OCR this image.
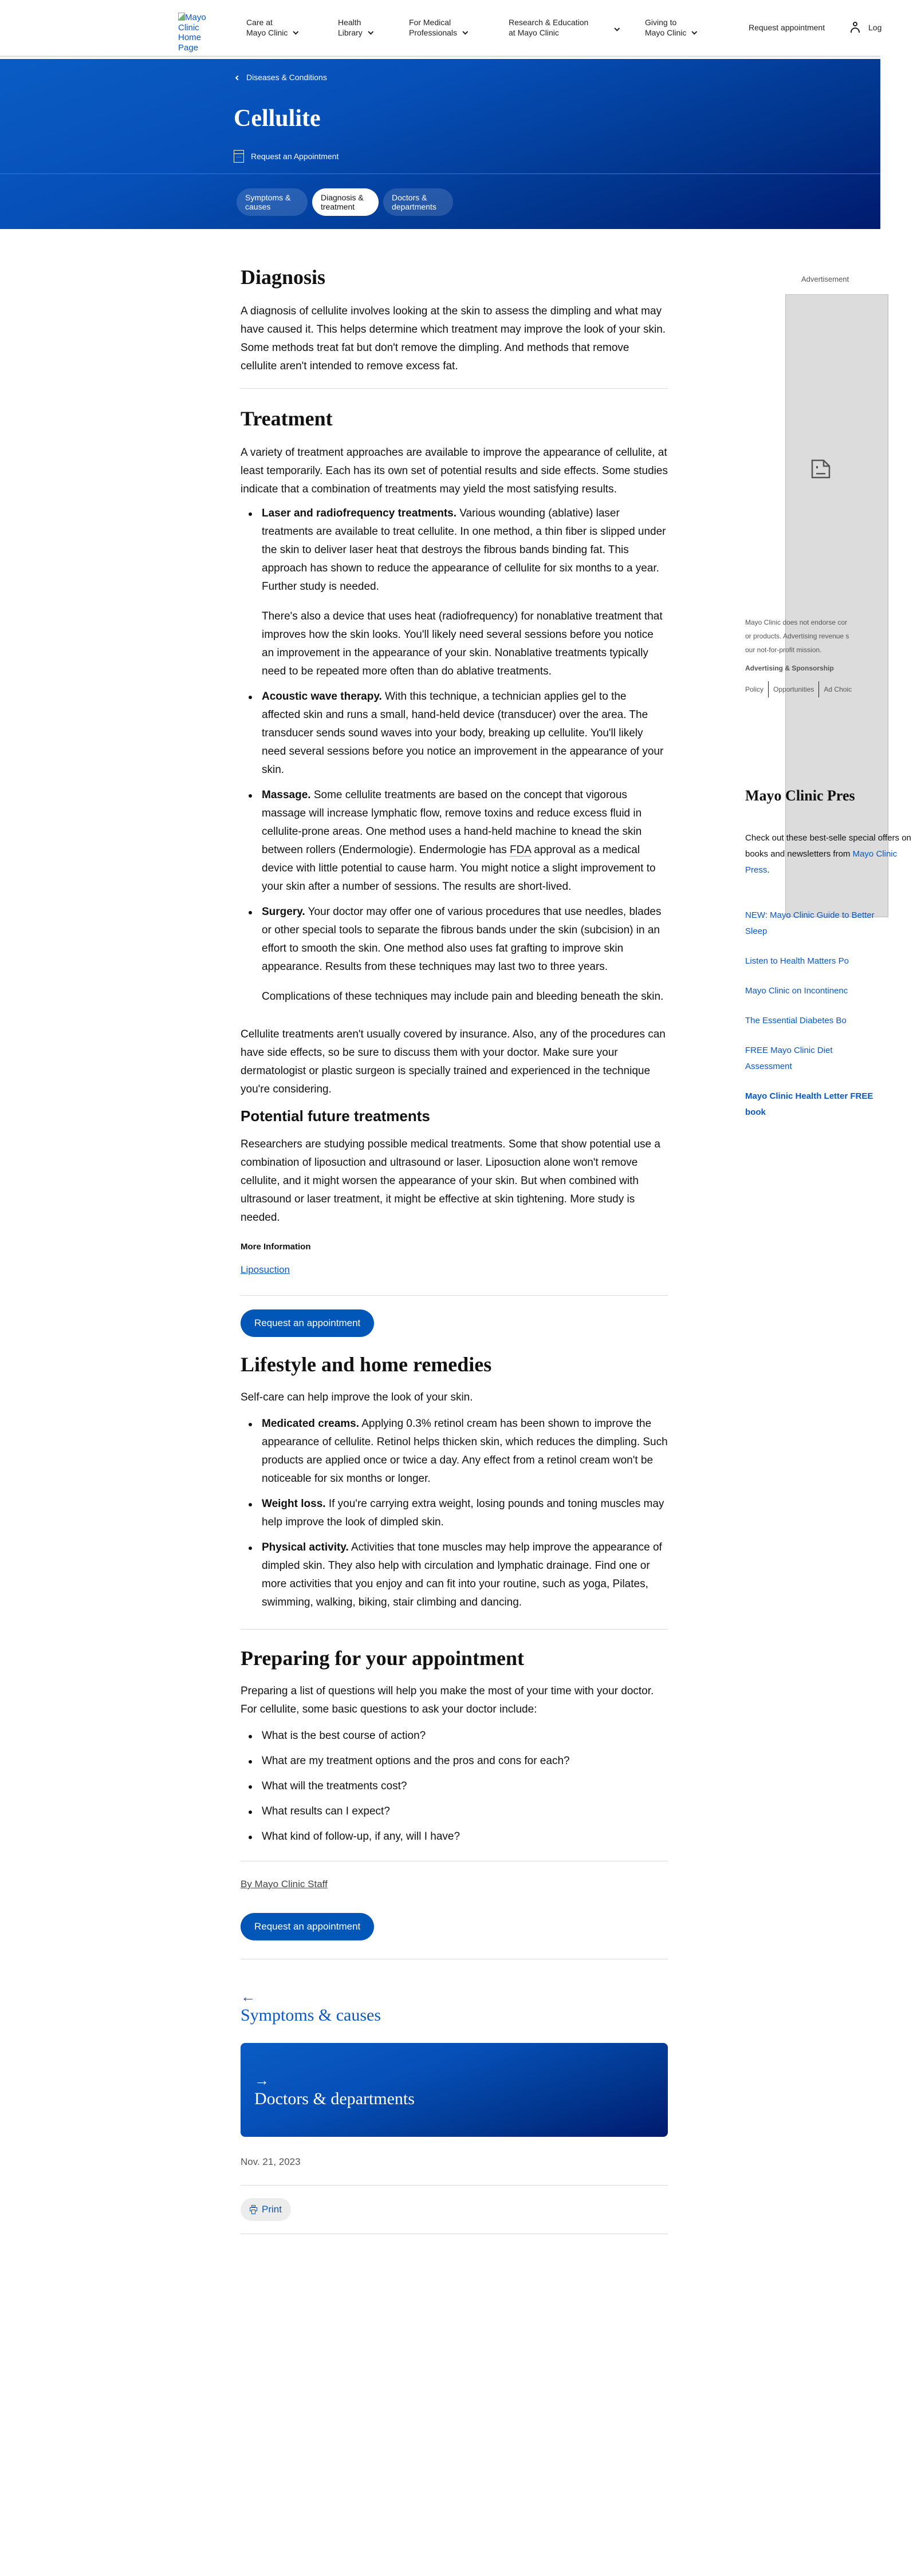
Mayo Clinic Home Page
Care at
Mayo Clinic
Health
Library
For Medical
Professionals
Research & Education
at Mayo Clinic
Giving to
Mayo Clinic
Request appointment	Log
Diseases & Conditions
Cellulite
···
Request an Appointment
Symptoms & causes
Diagnosis & treatment
Doctors & departments
Diagnosis

A diagnosis of cellulite involves looking at the skin to assess the dimpling and what may have caused it. This helps determine which treatment may improve the look of your skin. Some methods treat fat but don't remove the dimpling. And methods that remove cellulite aren't intended to remove excess fat.

Treatment

A variety of treatment approaches are available to improve the appearance of cellulite, at least temporarily. Each has its own set of potential results and side effects. Some studies indicate that a combination of treatments may yield the most satisfying results.

Laser and radiofrequency treatments. Various wounding (ablative) laser treatments are available to treat cellulite. In one method, a thin fiber is slipped under the skin to deliver laser heat that destroys the fibrous bands binding fat. This approach has shown to reduce the appearance of cellulite for six months to a year. Further study is needed.

There's also a device that uses heat (radiofrequency) for nonablative treatment that improves how the skin looks. You'll likely need several sessions before you notice an improvement in the appearance of your skin. Nonablative treatments typically need to be repeated more often than do ablative treatments.

Acoustic wave therapy. With this technique, a technician applies gel to the affected skin and runs a small, hand-held device (transducer) over the area. The transducer sends sound waves into your body, breaking up cellulite. You'll likely need several sessions before you notice an improvement in the appearance of your skin.

Massage. Some cellulite treatments are based on the concept that vigorous massage will increase lymphatic flow, remove toxins and reduce excess fluid in cellulite-prone areas. One method uses a hand-held machine to knead the skin between rollers (Endermologie). Endermologie has FDA approval as a medical device with little potential to cause harm. You might notice a slight improvement to your skin after a number of sessions. The results are short-lived.

Surgery. Your doctor may offer one of various procedures that use needles, blades or other special tools to separate the fibrous bands under the skin (subcision) in an effort to smooth the skin. One method also uses fat grafting to improve skin appearance. Results from these techniques may last two to three years.

Complications of these techniques may include pain and bleeding beneath the skin.

Cellulite treatments aren't usually covered by insurance. Also, any of the procedures can have side effects, so be sure to discuss them with your doctor. Make sure your dermatologist or plastic surgeon is specially trained and experienced in the technique you're considering.

Potential future treatments

Researchers are studying possible medical treatments. Some that show potential use a combination of liposuction and ultrasound or laser. Liposuction alone won't remove cellulite, and it might worsen the appearance of your skin. But when combined with ultrasound or laser treatment, it might be effective at skin tightening. More study is needed.

More Information
Liposuction
Request an appointment
Lifestyle and home remedies

Self-care can help improve the look of your skin.

Medicated creams. Applying 0.3% retinol cream has been shown to improve the appearance of cellulite. Retinol helps thicken skin, which reduces the dimpling. Such products are applied once or twice a day. Any effect from a retinol cream won't be noticeable for six months or longer.

Weight loss. If you're carrying extra weight, losing pounds and toning muscles may help improve the look of dimpled skin.

Physical activity. Activities that tone muscles may help improve the appearance of dimpled skin. They also help with circulation and lymphatic drainage. Find one or more activities that you enjoy and can fit into your routine, such as yoga, Pilates, swimming, walking, biking, stair climbing and dancing.

Preparing for your appointment

Preparing a list of questions will help you make the most of your time with your doctor. For cellulite, some basic questions to ask your doctor include:

What is the best course of action?
What are my treatment options and the pros and cons for each?
What will the treatments cost?
What results can I expect?
What kind of follow-up, if any, will I have?
By Mayo Clinic Staff
Request an appointment
←
Symptoms & causes
→
Doctors & departments
Nov. 21, 2023
Print
Advertisement
Mayo Clinic does not endorse cor
or products. Advertising revenue s
our not-for-profit mission.
Advertising & Sponsorship
Policy Opportunities Ad Choic
Mayo Clinic Pres
Check out these best-selle special offers on books and newsletters from Mayo Clinic Press.
NEW: Mayo Clinic Guide to Better Sleep
Listen to Health Matters Po
Mayo Clinic on Incontinenc
The Essential Diabetes Bo
FREE Mayo Clinic Diet Assessment
Mayo Clinic Health Letter FREE book
